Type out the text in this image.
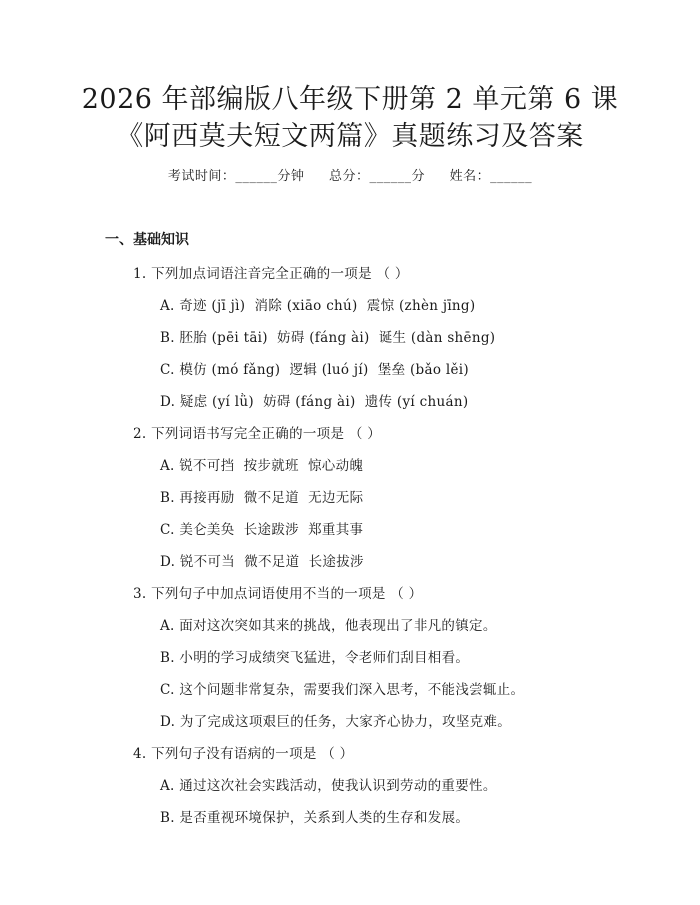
2026 年部编版八年级下册第 2 单元第 6 课
《阿西莫夫短文两篇》真题练习及答案
考试时间：______分钟 总分：______分 姓名：______
一、基础知识
1. 下列加点词语注音完全正确的一项是 （ ）
A. 奇迹 (jī jì)  消除 (xiāo chú)  震惊 (zhèn jīng)
B. 胚胎 (pēi tāi)  妨碍 (fáng ài)  诞生 (dàn shēng)
C. 模仿 (mó fǎng)  逻辑 (luó jí)  堡垒 (bǎo lěi)
D. 疑虑 (yí lǜ)  妨碍 (fáng ài)  遗传 (yí chuán)
2. 下列词语书写完全正确的一项是 （ ）
A. 锐不可挡  按步就班  惊心动魄
B. 再接再励  微不足道  无边无际
C. 美仑美奂  长途跋涉  郑重其事
D. 锐不可当  微不足道  长途拔涉
3. 下列句子中加点词语使用不当的一项是 （ ）
A. 面对这次突如其来的挑战，他表现出了非凡的镇定。
B. 小明的学习成绩突飞猛进，令老师们刮目相看。
C. 这个问题非常复杂，需要我们深入思考，不能浅尝辄止。
D. 为了完成这项艰巨的任务，大家齐心协力，攻坚克难。
4. 下列句子没有语病的一项是 （ ）
A. 通过这次社会实践活动，使我认识到劳动的重要性。
B. 是否重视环境保护，关系到人类的生存和发展。
